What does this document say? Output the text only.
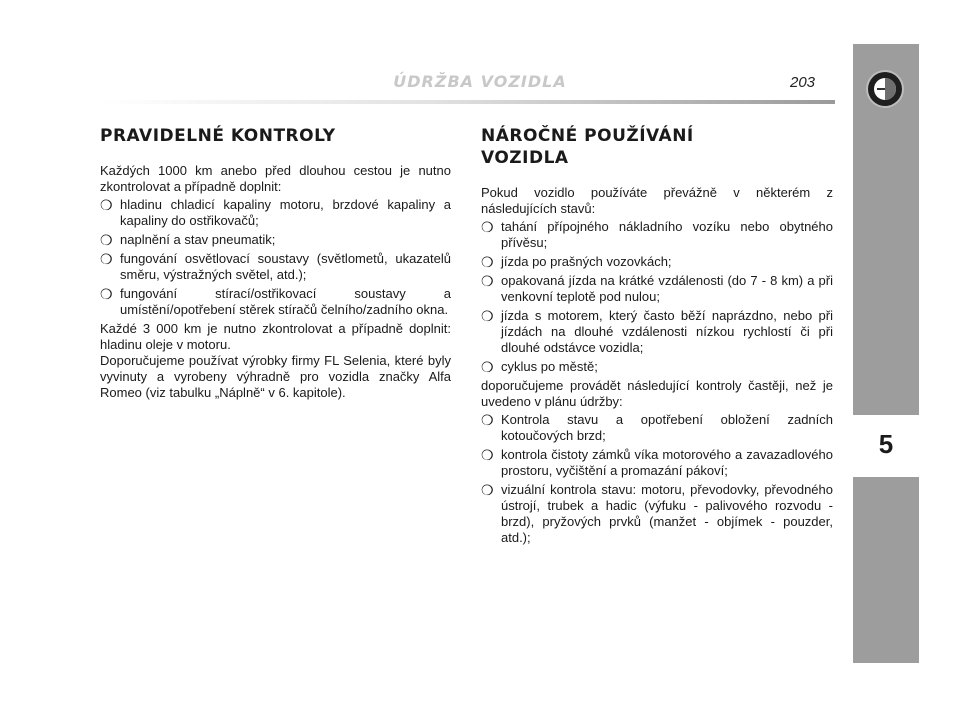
ÚDRŽBA VOZIDLA	203
5
PRAVIDELNÉ KONTROLY

Každých 1000 km anebo před dlouhou cestou je nutno zkontrolovat a případně doplnit:

❍ hladinu chladicí kapaliny motoru, brzdové kapaliny a kapaliny do ostřikovačů;
❍ naplnění a stav pneumatik;
❍ fungování osvětlovací soustavy (světlometů, ukazatelů směru, výstražných světel, atd.);
❍ fungování stírací/ostřikovací soustavy a umístění/opotřebení stěrek stíračů čelního/zadního okna.

Každé 3 000 km je nutno zkontrolovat a případně doplnit: hladinu oleje v motoru.

Doporučujeme používat výrobky firmy FL Selenia, které byly vyvinuty a vyrobeny výhradně pro vozidla značky Alfa Romeo (viz tabulku „Náplně“ v 6. kapitole).

NÁROČNÉ POUŽÍVÁNÍ
VOZIDLA

Pokud vozidlo používáte převážně v některém z následujících stavů:

❍ tahání přípojného nákladního vozíku nebo obytného přívěsu;
❍ jízda po prašných vozovkách;
❍ opakovaná jízda na krátké vzdálenosti (do 7 - 8 km) a při venkovní teplotě pod nulou;
❍ jízda s motorem, který často běží naprázdno, nebo při jízdách na dlouhé vzdálenosti nízkou rychlostí či při dlouhé odstávce vozidla;
❍ cyklus po městě;

doporučujeme provádět následující kontroly častěji, než je uvedeno v plánu údržby:

❍ Kontrola stavu a opotřebení obložení zadních kotoučových brzd;
❍ kontrola čistoty zámků víka motorového a zavazadlového prostoru, vyčištění a promazání pákoví;
❍ vizuální kontrola stavu: motoru, převodovky, převodného ústrojí, trubek a hadic (výfuku - palivového rozvodu - brzd), pryžových prvků (manžet - objímek - pouzder, atd.);
